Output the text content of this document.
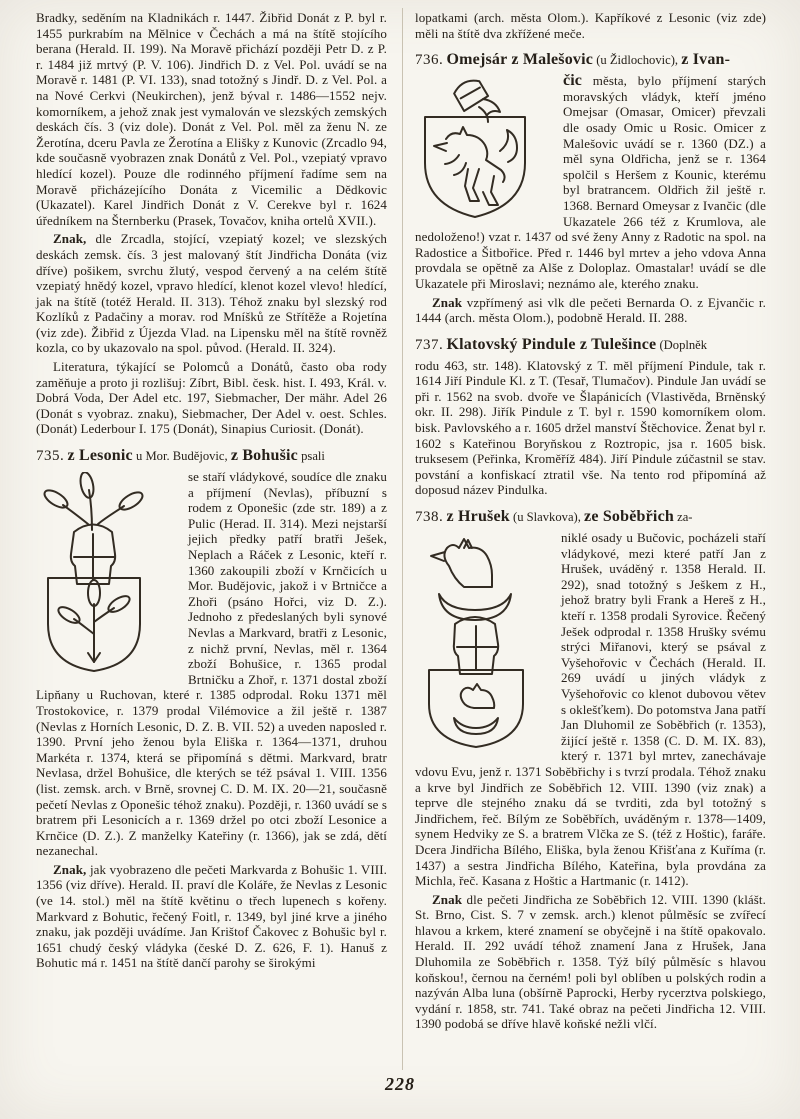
Bradky, seděním na Kladnikách r. 1447. Žibřid Donát z P. byl r. 1455 purkrabím na Mělnice v Čechách a má na štítě stojícího berana (Herald. II. 199). Na Moravě přichází později Petr D. z P. r. 1484 již mrtvý (P. V. 106). Jindřich D. z Vel. Pol. uvádí se na Moravě r. 1481 (P. VI. 133), snad totožný s Jindř. D. z Vel. Pol. a na Nové Cerkvi (Neukirchen), jenž býval r. 1486—1552 nejv. komorníkem, a jehož znak jest vymalován ve slezských zemských deskách čís. 3 (viz dole). Donát z Vel. Pol. měl za ženu N. ze Žerotína, dceru Pavla ze Žerotína a Elišky z Kunovic (Zrcadlo 94, kde současně vyobrazen znak Donátů z Vel. Pol., vzepiatý vpravo hledící kozel). Pouze dle rodinného příjmení řadíme sem na Moravě přicházejícího Donáta z Vicemilic a Dědkovic (Ukazatel). Karel Jindřich Donát z V. Cerekve byl r. 1624 úředníkem na Šternberku (Prasek, Tovačov, kniha ortelů XVII.).

Znak, dle Zrcadla, stojící, vzepiatý kozel; ve slezských deskách zemsk. čís. 3 jest malovaný štít Jindřicha Donáta (viz dříve) pošikem, svrchu žlutý, vespod červený a na celém štítě vzepiatý hnědý kozel, vpravo hledící, klenot kozel vlevo! hledící, jak na štítě (totéž Herald. II. 313). Téhož znaku byl slezský rod Kozlíků z Padačiny a morav. rod Mníšků ze Střítěže a Rojetína (viz zde). Žibřid z Újezda Vlad. na Lipensku měl na štítě rovněž kozla, co by ukazovalo na spol. původ. (Herald. II. 324).

Literatura, týkající se Polomců a Donátů, často oba rody zaměňuje a proto ji rozlišuj: Zíbrt, Bibl. česk. hist. I. 493, Král. v. Dobrá Voda, Der Adel etc. 197, Siebmacher, Der mähr. Adel 26 (Donát s vyobraz. znaku), Siebmacher, Der Adel v. oest. Schles. (Donát) Lederbour I. 175 (Donát), Sinapius Curiosit. (Donát).

735. z Lesonic u Mor. Budějovic, z Bohušic psali

se staří vládykové, soudíce dle znaku a příjmení (Nevlas), příbuzní s rodem z Oponešic (zde str. 189) a z Pulic (Herad. II. 314). Mezi nejstarší jejich předky patří bratři Ješek, Neplach a Ráček z Lesonic, kteří r. 1360 zakoupili zboží v Krnčicích u Mor. Budějovic, jakož i v Brtničce a Zhoři (psáno Hořci, viz D. Z.). Jednoho z předeslaných byli synové Nevlas a Markvard, bratři z Lesonic, z nichž první, Nevlas, měl r. 1364 zboží Bohušice, r. 1365 prodal Brtničku a Zhoř, r. 1371 dostal zboží Lipňany u Ruchovan, které r. 1385 odprodal. Roku 1371 měl Trostokovice, r. 1379 prodal Vilémovice a žil ještě r. 1387 (Nevlas z Horních Lesonic, D. Z. B. VII. 52) a uveden naposled r. 1390. První jeho ženou byla Eliška r. 1364—1371, druhou Markéta r. 1374, která se připomíná s dětmi. Markvard, bratr Nevlasa, držel Bohušice, dle kterých se též psával 1. VIII. 1356 (list. zemsk. arch. v Brně, srovnej C. D. M. IX. 20—21, současně pečetí Nevlas z Oponešic téhož znaku). Později, r. 1360 uvádí se s bratrem při Lesonicích a r. 1369 držel po otci zboží Lesonice a Krnčice (D. Z.). Z manželky Kateřiny (r. 1366), jak se zdá, dětí nezanechal.

Znak, jak vyobrazeno dle pečeti Markvarda z Bohušic 1. VIII. 1356 (viz dříve). Herald. II. praví dle Koláře, že Nevlas z Lesonic (ve 14. stol.) měl na štítě květinu o třech lupenech s kořeny. Markvard z Bohutic, řečený Foitl, r. 1349, byl jiné krve a jiného znaku, jak později uvádíme. Jan Krištof Čakovec z Bohušic byl r. 1651 chudý český vládyka (české D. Z. 626, F. 1). Hanuš z Bohutic má r. 1451 na štítě dančí parohy se širokými

lopatkami (arch. města Olom.). Kapříkové z Lesonic (viz zde) měli na štítě dva zkřížené meče.

736. Omejsár z Malešovic (u Židlochovic), z Ivan-

čic města, bylo příjmení starých moravských vládyk, kteří jméno Omejsar (Omasar, Omicer) převzali dle osady Omic u Rosic. Omicer z Malešovic uvádí se r. 1360 (DZ.) a měl syna Oldřicha, jenž se r. 1364 spolčil s Heršem z Kounic, kterému byl bratrancem. Oldřich žil ještě r. 1368. Bernard Omeysar z Ivančic (dle Ukazatele 266 též z Krumlova, ale nedoloženo!) vzat r. 1437 od své ženy Anny z Radotic na spol. na Radostice a Šitbořice. Před r. 1446 byl mrtev a jeho vdova Anna provdala se opětně za Alše z Doloplaz. Omastalar! uvádí se dle Ukazatele při Miroslavi; neznámo ale, kterého znaku.

Znak vzpřímený asi vlk dle pečeti Bernarda O. z Ejvančic r. 1444 (arch. města Olom.), podobně Herald. II. 288.

737. Klatovský Pindule z Tulešince (Doplněk

rodu 463, str. 148). Klatovský z T. měl příjmení Pindule, tak r. 1614 Jiří Pindule Kl. z T. (Tesař, Tlumačov). Pindule Jan uvádí se při r. 1562 na svob. dvoře ve Šlapánicích (Vlastivěda, Brněnský okr. II. 298). Jiřík Pindule z T. byl r. 1590 komorníkem olom. bisk. Pavlovského a r. 1605 držel manství Štěchovice. Ženat byl r. 1602 s Kateřinou Boryňskou z Roztropic, jsa r. 1605 bisk. truksesem (Peřinka, Kroměříž 484). Jiří Pindule zúčastnil se stav. povstání a konfiskací ztratil vše. Na tento rod připomíná až doposud název Pindulka.

738. z Hrušek (u Slavkova), ze Soběbřich za-

niklé osady u Bučovic, pocházeli staří vládykové, mezi které patří Jan z Hrušek, uváděný r. 1358 Herald. II. 292), snad totožný s Ješkem z H., jehož bratry byli Frank a Hereš z H., kteří r. 1358 prodali Syrovice. Řečený Ješek odprodal r. 1358 Hrušky svému strýci Miřanovi, který se psával z Vyšehořovic v Čechách (Herald. II. 269 uvádí u jiných vládyk z Vyšehořovic co klenot dubovou větev s oklešťkem). Do potomstva Jana patří Jan Dluhomil ze Soběbřich (r. 1353), žijící ještě r. 1358 (C. D. M. IX. 83), který r. 1371 byl mrtev, zanechávaje vdovu Evu, jenž r. 1371 Soběbřichy i s tvrzí prodala. Téhož znaku a krve byl Jindřich ze Soběbřich 12. VIII. 1390 (viz znak) a teprve dle stejného znaku dá se tvrditi, zda byl totožný s Jindřichem, řeč. Bílým ze Soběbřích, uváděným r. 1378—1409, synem Hedviky ze S. a bratrem Vlčka ze S. (též z Hoštic), faráře. Dcera Jindřicha Bílého, Eliška, byla ženou Křišťana z Kuříma (r. 1437) a sestra Jindřicha Bílého, Kateřina, byla provdána za Michla, řeč. Kasana z Hoštic a Hartmanic (r. 1412).

Znak dle pečeti Jindřicha ze Soběbřich 12. VIII. 1390 (klášt. St. Brno, Cist. S. 7 v zemsk. arch.) klenot půlměsíc se zvířecí hlavou a krkem, které znamení se obyčejně i na štítě opakovalo. Herald. II. 292 uvádí téhož znamení Jana z Hrušek, Jana Dluhomila ze Soběbřich r. 1358. Týž bílý půlměsíc s hlavou koňskou!, černou na černém! poli byl oblíben u polských rodin a nazýván Alba luna (obšírně Paprocki, Herby rycerztva polskiego, vydání r. 1858, str. 741. Také obraz na pečeti Jindřicha 12. VIII. 1390 podobá se dříve hlavě koňské nežli vlčí.

228
